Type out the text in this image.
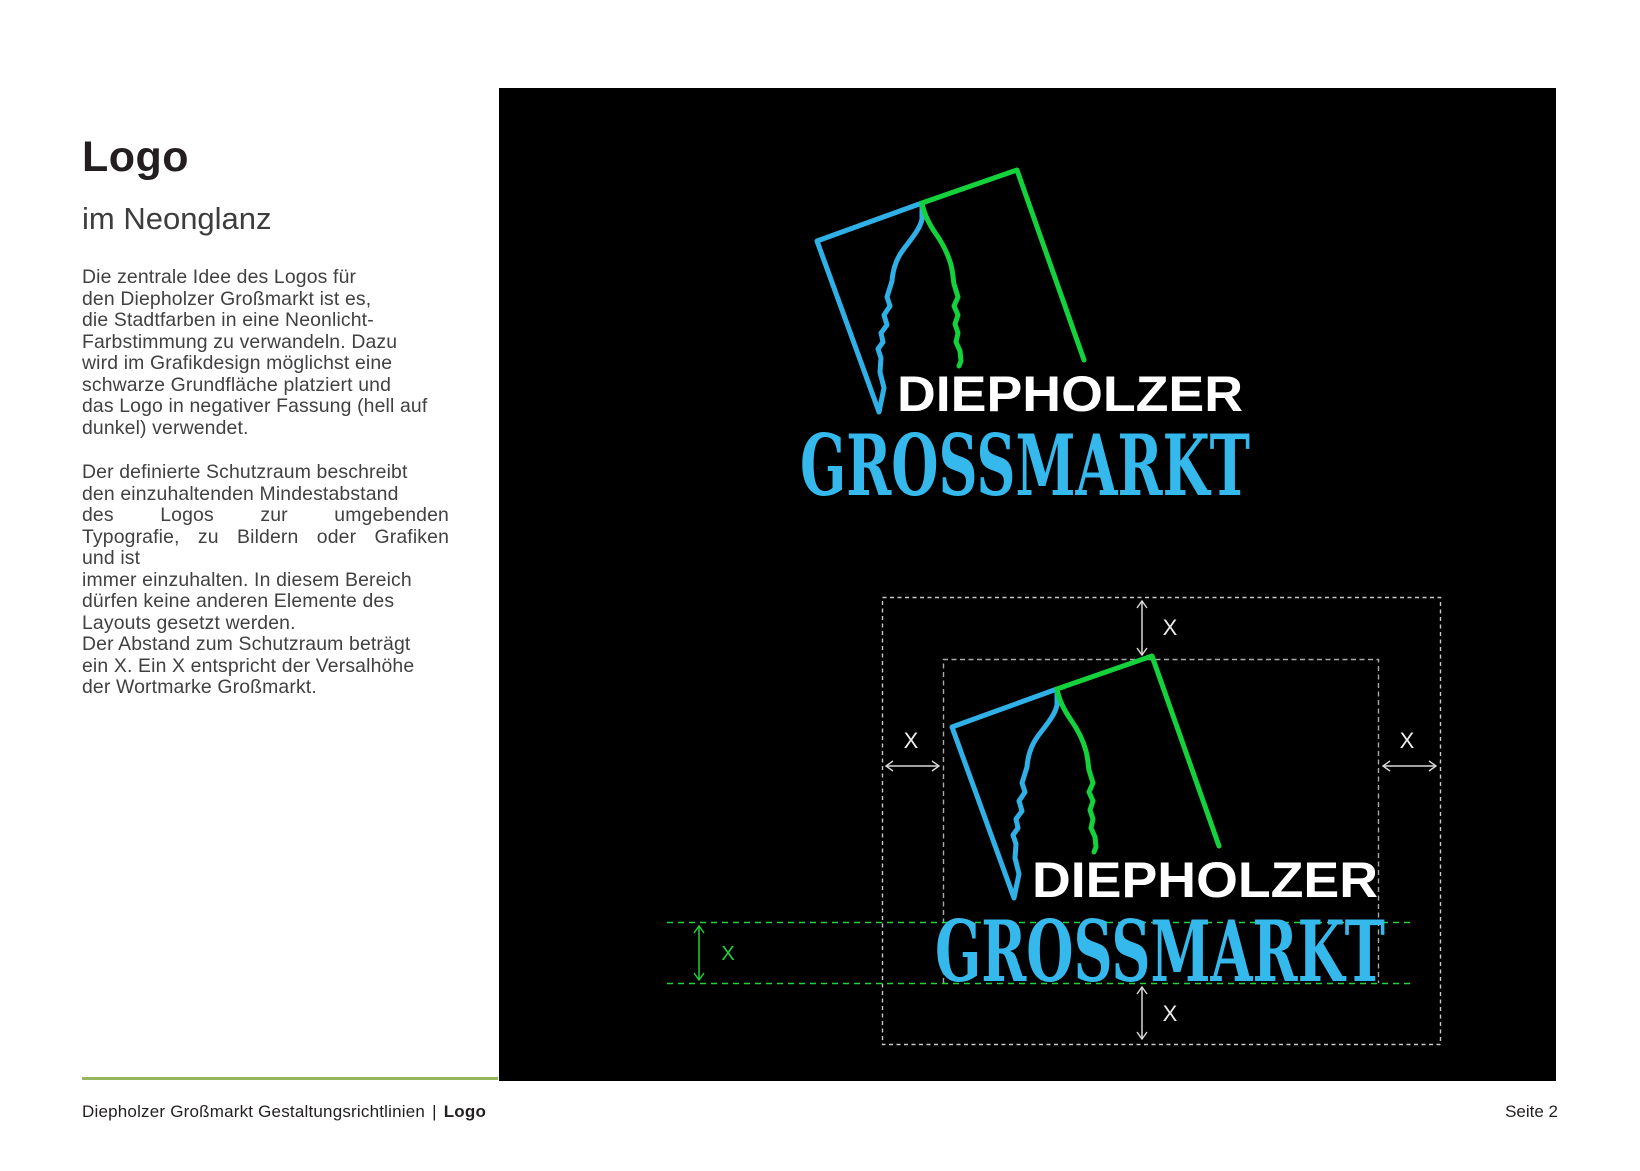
Logo
im Neonglanz
Die zentrale Idee des Logos für
den Diepholzer Großmarkt ist es,
die Stadtfarben in eine Neonlicht-
Farbstimmung zu verwandeln. Dazu
wird im Grafikdesign möglichst eine
schwarze Grundfläche platziert und
das Logo in negativer Fassung (hell auf
dunkel) verwendet.
Der definierte Schutzraum beschreibt
den einzuhaltenden Mindestabstand
des Logos zur umgebenden
Typografie, zu Bildern oder Grafiken
und ist
immer einzuhalten. In diesem Bereich
dürfen keine anderen Elemente des
Layouts gesetzt werden.
Der Abstand zum Schutzraum beträgt
ein X. Ein X entspricht der Versalhöhe
der Wortmarke Großmarkt.
DIEPHOLZER
GROSSMARKT
X
X	X
X
X
Diepholzer Großmarkt Gestaltungsrichtlinien | Logo	Seite 2
